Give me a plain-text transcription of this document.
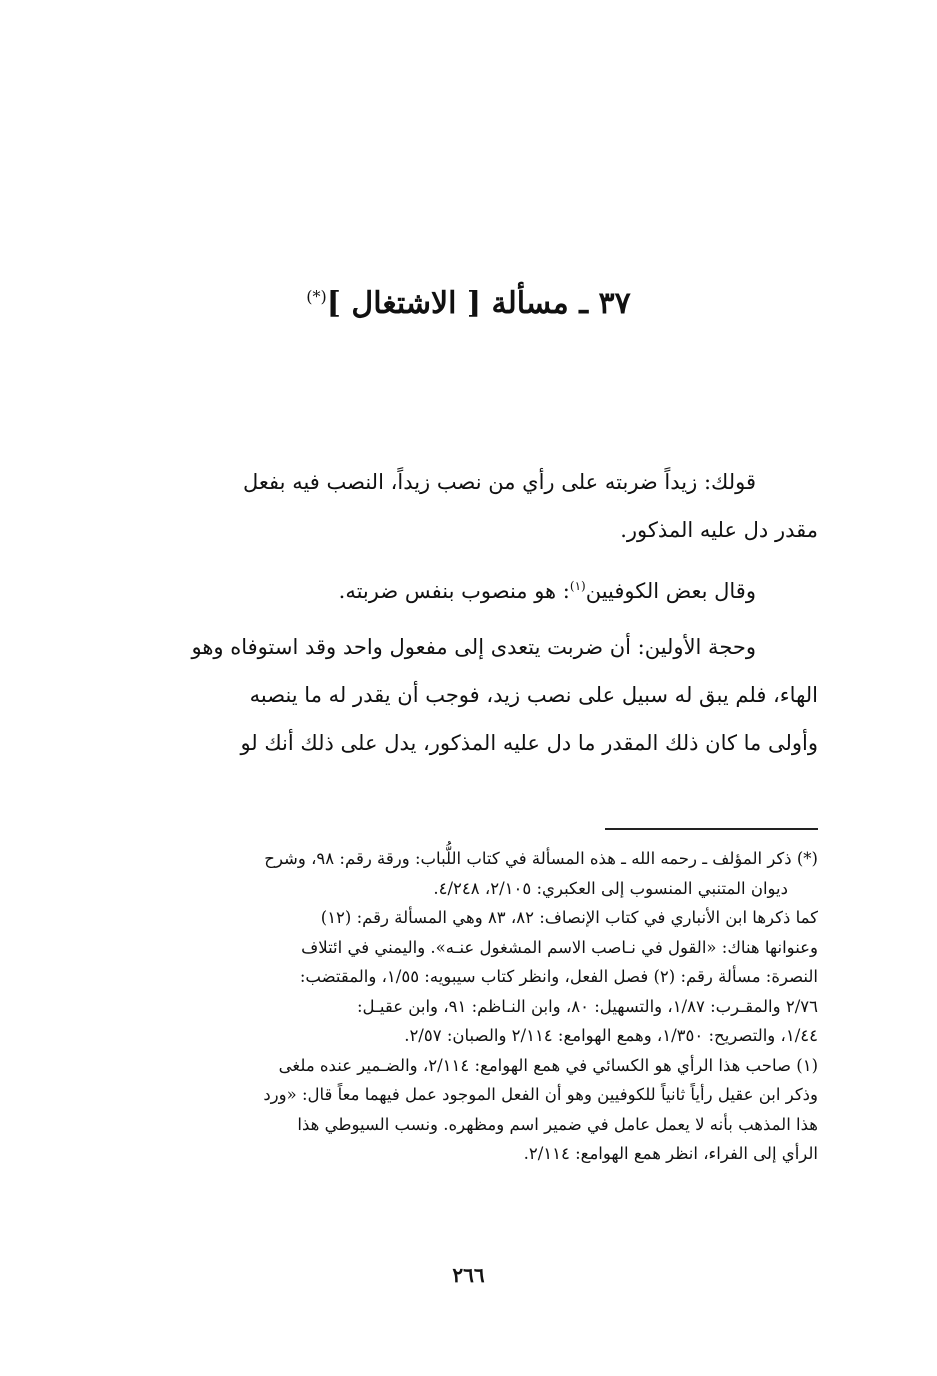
٣٧ ـ مسألة [ الاشتغال ](*)

قولك: زيداً ضربته على رأي من نصب زيداً، النصب فيه بفعل
مقدر دل عليه المذكور.

وقال بعض الكوفيين$^{(١)}$: هو منصوب بنفس ضربته.

وحجة الأولين: أن ضربت يتعدى إلى مفعول واحد وقد استوفاه وهو
الهاء، فلم يبق له سبيل على نصب زيد، فوجب أن يقدر له ما ينصبه
وأولى ما كان ذلك المقدر ما دل عليه المذكور، يدل على ذلك أنك لو

(*) ذكر المؤلف ـ رحمه الله ـ هذه المسألة في كتاب اللُّباب: ورقة رقم: ٩٨، وشرح
ديوان المتنبي المنسوب إلى العكبري: ٢/١٠٥، ٤/٢٤٨.
كما ذكرها ابن الأنباري في كتاب الإنصاف: ٨٢، ٨٣ وهي المسألة رقم: (١٢)
وعنوانها هناك: «القول في نـاصب الاسم المشغول عنـه». واليمني في ائتلاف
النصرة: مسألة رقم: (٢) فصل الفعل، وانظر كتاب سيبويه: ١/٥٥، والمقتضب:
٢/٧٦ والمقـرب: ١/٨٧، والتسهيل: ٨٠، وابن النـاظم: ٩١، وابن عقيـل:
١/٤٤، والتصريح: ١/٣٥٠، وهمع الهوامع: ٢/١١٤ والصبان: ٢/٥٧.

(١) صاحب هذا الرأي هو الكسائي في همع الهوامع: ٢/١١٤، والضـمير عنده ملغى
وذكر ابن عقيل رأياً ثانياً للكوفيين وهو أن الفعل الموجود عمل فيهما معاً قال: «ورد
هذا المذهب بأنه لا يعمل عامل في ضمير اسم ومظهره. ونسب السيوطي هذا
الرأي إلى الفراء، انظر همع الهوامع: ٢/١١٤.

٢٦٦
